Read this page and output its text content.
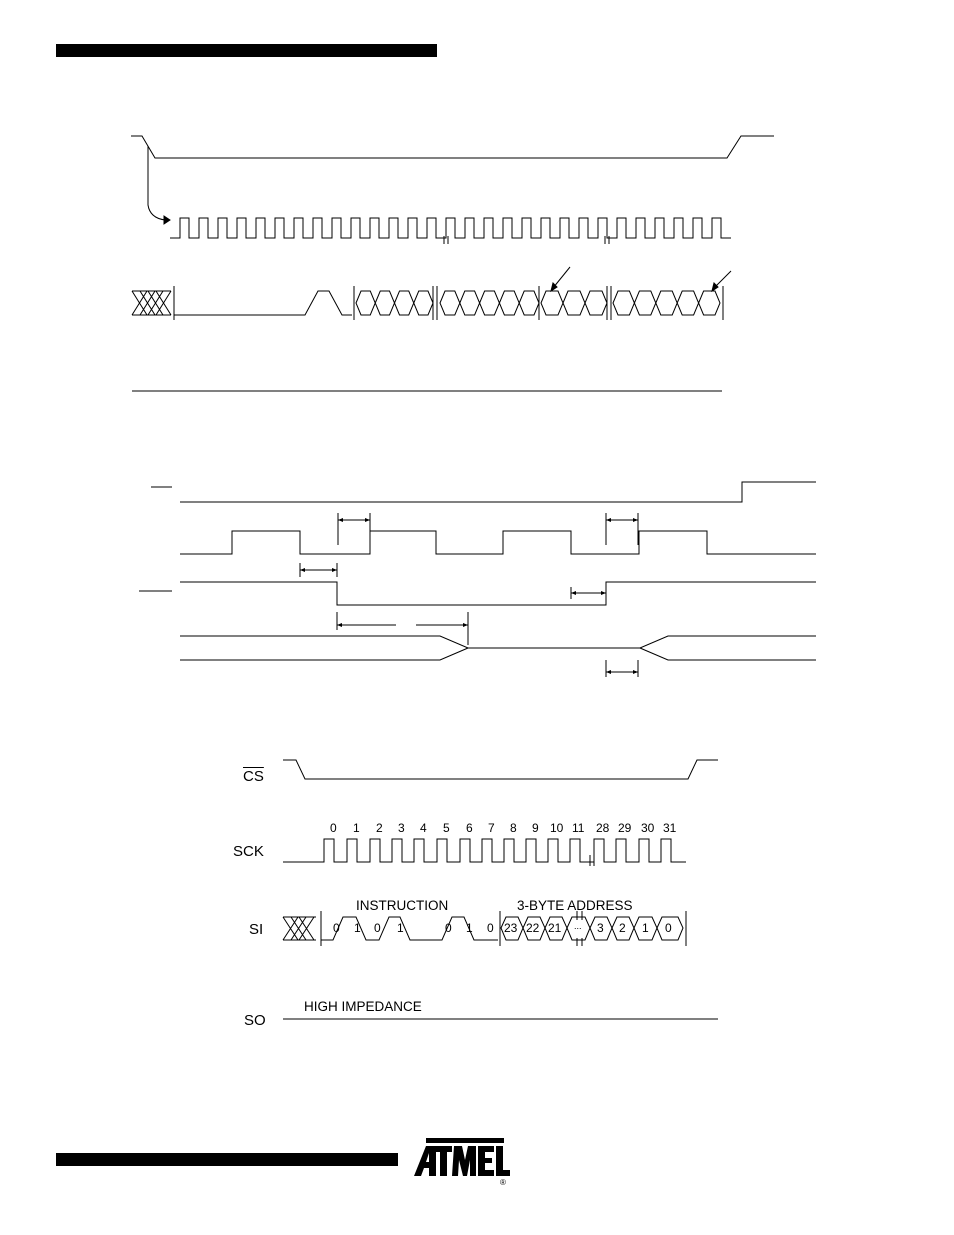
$\overline{CS}$
SCK
SI
SO
0 1 2 3 4 5 6 7 8 9 10 11 28 29 30 31
INSTRUCTION	3-BYTE ADDRESS
0 1 0 1	0 1 0 23 22 21 ... 3 2 1 0
HIGH IMPEDANCE
®
